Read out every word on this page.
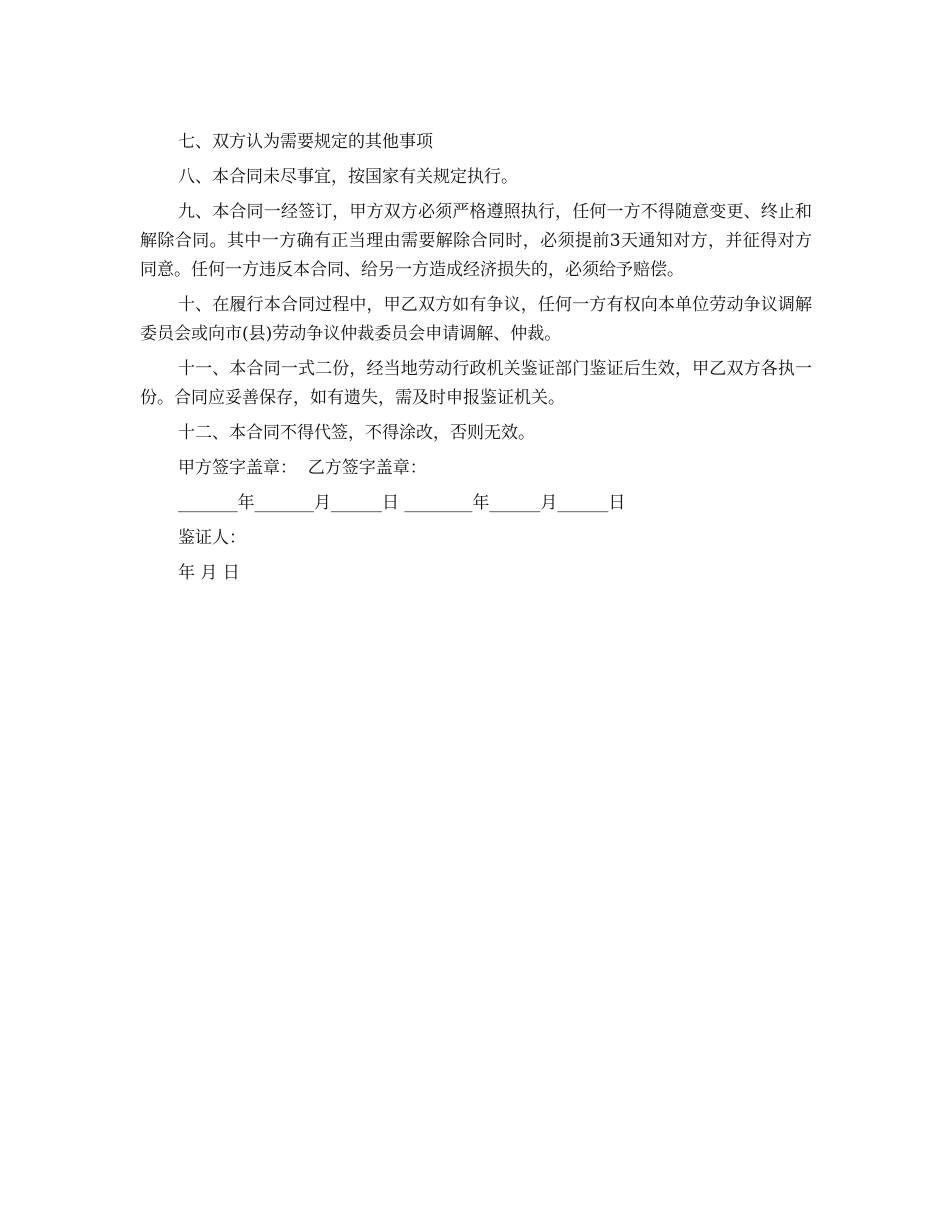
七、双方认为需要规定的其他事项

八、本合同未尽事宜，按国家有关规定执行。

九、本合同一经签订，甲方双方必须严格遵照执行，任何一方不得随意变更、终止和解除合同。其中一方确有正当理由需要解除合同时，必须提前3天通知对方，并征得对方同意。任何一方违反本合同、给另一方造成经济损失的，必须给予赔偿。

十、在履行本合同过程中，甲乙双方如有争议，任何一方有权向本单位劳动争议调解委员会或向市(县)劳动争议仲裁委员会申请调解、仲裁。

十一、本合同一式二份，经当地劳动行政机关鉴证部门鉴证后生效，甲乙双方各执一份。合同应妥善保存，如有遗失，需及时申报鉴证机关。

十二、本合同不得代签，不得涂改，否则无效。

甲方签字盖章：  乙方签字盖章：

_______年_______月______日 ________年______月______日

鉴证人：

年 月 日
